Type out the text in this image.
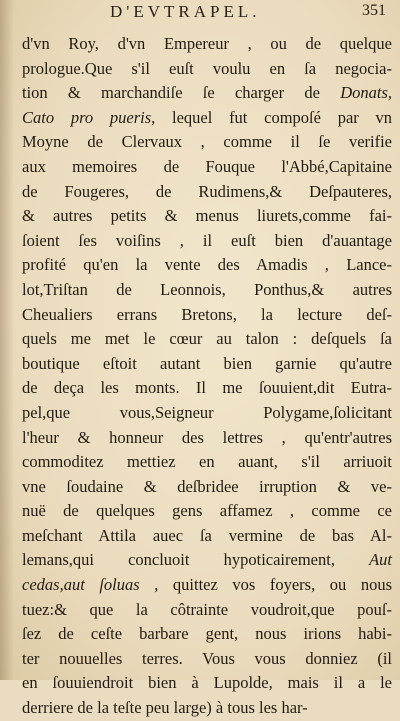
D'EVTRAPEL.	351
d'vn Roy, d'vn Empereur , ou de quelque
prologue.Que s'il euſt voulu en ſa negocia-
tion & marchandiſe ſe charger de Donats,
Cato pro pueris, lequel fut compoſé par vn
Moyne de Clervaux , comme il ſe verifie
aux memoires de Fouque l'Abbé,Capitaine
de Fougeres, de Rudimens,& Deſpauteres,
& autres petits & menus liurets,comme fai-
ſoient ſes voiſins , il euſt bien d'auantage
profité qu'en la vente des Amadis , Lance-
lot,Triſtan de Leonnois, Ponthus,& autres
Cheualiers errans Bretons, la lecture deſ-
quels me met le cœur au talon : deſquels ſa
boutique eſtoit autant bien garnie qu'autre
de deça les monts. Il me ſouuient,dit Eutra-
pel,que vous,Seigneur Polygame,ſolicitant
l'heur & honneur des lettres , qu'entr'autres
commoditez mettiez en auant, s'il arriuoit
vne ſoudaine & deſbridee irruption & ve-
nuë de quelques gens affamez , comme ce
meſchant Attila auec ſa vermine de bas Al-
lemans,qui concluoit hypoticairement, Aut
cedas,aut ſoluas , quittez vos foyers, ou nous
tuez:& que la côtrainte voudroit,que pouſ-
ſez de ceſte barbare gent, nous irions habi-
ter nouuelles terres. Vous vous donniez (il
en ſouuiendroit bien à Lupolde, mais il a le
derriere de la teſte peu large) à tous les har-
